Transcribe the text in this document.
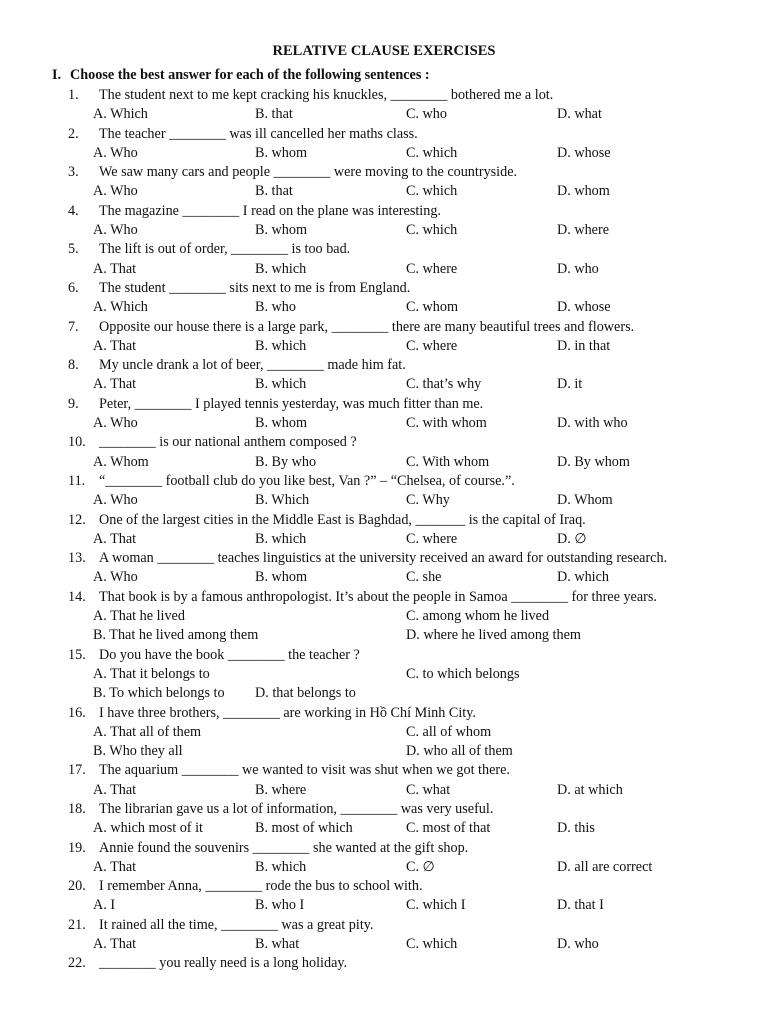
RELATIVE CLAUSE EXERCISES
I. Choose the best answer for each of the following sentences :
1.	The student next to me kept cracking his knuckles, ________ bothered me a lot.
A. Which	B. that	C. who	D. what
2.	The teacher ________ was ill cancelled her maths class.
A. Who	B. whom	C. which	D. whose
3.	We saw many cars and people ________ were moving to the countryside.
A. Who	B. that	C. which	D. whom
4.	The magazine ________ I read on the plane was interesting.
A. Who	B. whom	C. which	D. where
5.	The lift is out of order, ________ is too bad.
A. That	B. which	C. where	D. who
6.	The student ________ sits next to me is from England.
A. Which	B. who	C. whom	D. whose
7.	Opposite our house there is a large park, ________ there are many beautiful trees and flowers.
A. That	B. which	C. where	D. in that
8.	My uncle drank a lot of beer, ________ made him fat.
A. That	B. which	C. that’s why	D. it
9.	Peter, ________ I played tennis yesterday, was much fitter than me.
A. Who	B. whom	C. with whom	D. with who
10. ________ is our national anthem composed ?
A. Whom	B. By who	C. With whom	D. By whom
11. “________ football club do you like best, Van ?” – “Chelsea, of course.”.
A. Who	B. Which	C. Why	D. Whom
12. One of the largest cities in the Middle East is Baghdad, _______ is the capital of Iraq.
A. That	B. which	C. where	D. ∅
13. A woman ________ teaches linguistics at the university received an award for outstanding research.
A. Who	B. whom	C. she	D. which
14. That book is by a famous anthropologist. It’s about the people in Samoa ________ for three years.
A. That he lived	C. among whom he lived
B. That he lived among them	D. where he lived among them
15. Do you have the book ________ the teacher ?
A. That it belongs to	C. to which belongs
B. To which belongs to D. that belongs to
16. I have three brothers, ________ are working in Hồ Chí Minh City.
A. That all of them	C. all of whom
B. Who they all	D. who all of them
17. The aquarium ________ we wanted to visit was shut when we got there.
A. That	B. where	C. what	D. at which
18. The librarian gave us a lot of information, ________ was very useful.
A. which most of it	B. most of which	C. most of that	D. this
19. Annie found the souvenirs ________ she wanted at the gift shop.
A. That	B. which	C. ∅	D. all are correct
20. I remember Anna, ________ rode the bus to school with.
A. I	B. who I	C. which I	D. that I
21. It rained all the time, ________ was a great pity.
A. That	B. what	C. which	D. who
22. ________ you really need is a long holiday.
